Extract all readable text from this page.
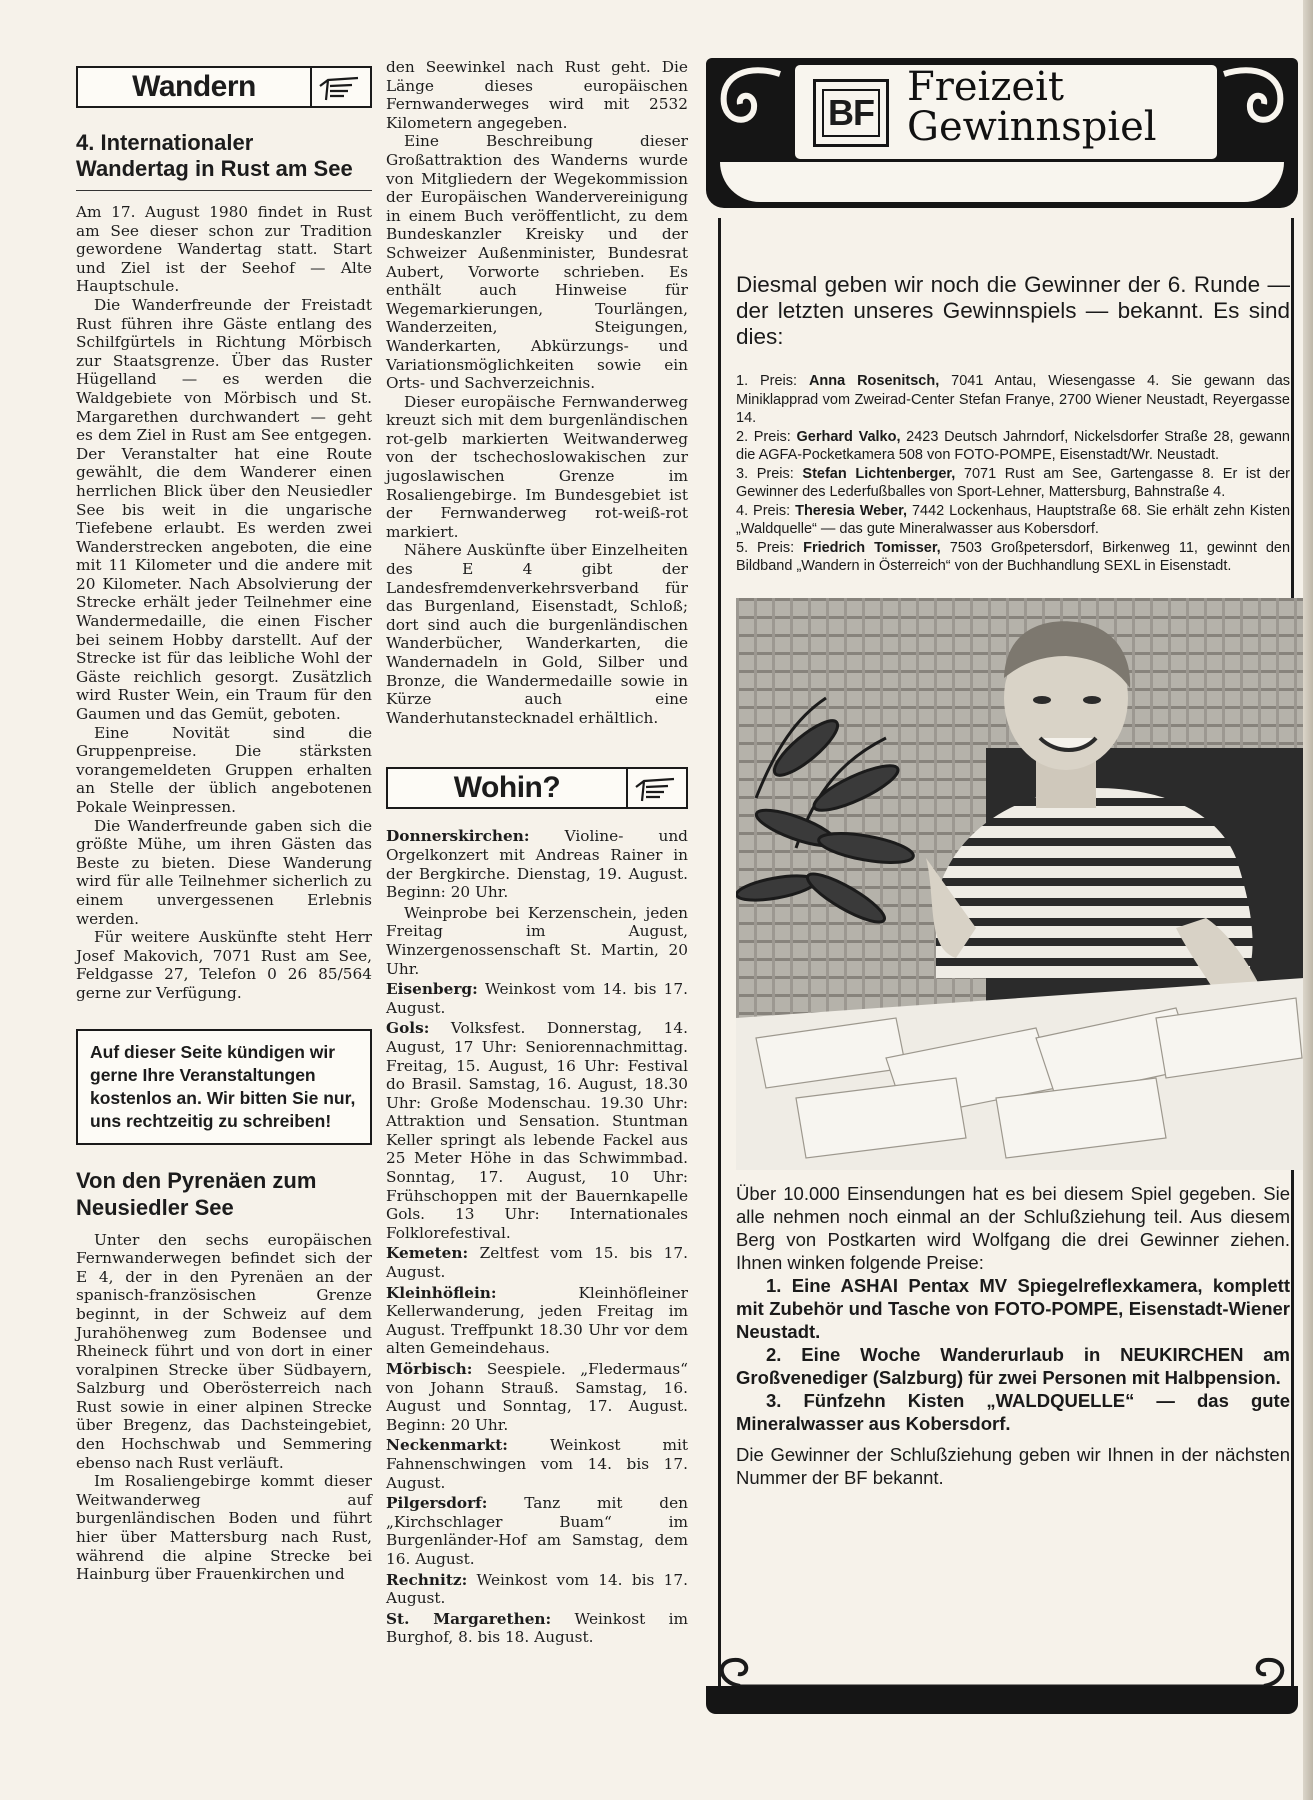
Wandern
4. Internationaler Wandertag in Rust am See

Am 17. August 1980 findet in Rust am See dieser schon zur Tradition gewordene Wandertag statt. Start und Ziel ist der Seehof — Alte Hauptschule.

Die Wanderfreunde der Freistadt Rust führen ihre Gäste entlang des Schilfgürtels in Richtung Mörbisch zur Staatsgrenze. Über das Ruster Hügelland — es werden die Waldgebiete von Mörbisch und St. Margarethen durchwandert — geht es dem Ziel in Rust am See entgegen. Der Veranstalter hat eine Route gewählt, die dem Wanderer einen herrlichen Blick über den Neusiedler See bis weit in die ungarische Tiefebene erlaubt. Es werden zwei Wanderstrecken angeboten, die eine mit 11 Kilometer und die andere mit 20 Kilometer. Nach Absolvierung der Strecke erhält jeder Teilnehmer eine Wandermedaille, die einen Fischer bei seinem Hobby darstellt. Auf der Strecke ist für das leibliche Wohl der Gäste reichlich gesorgt. Zusätzlich wird Ruster Wein, ein Traum für den Gaumen und das Gemüt, geboten.

Eine Novität sind die Gruppenpreise. Die stärksten vorangemeldeten Gruppen erhalten an Stelle der üblich angebotenen Pokale Weinpressen.

Die Wanderfreunde gaben sich die größte Mühe, um ihren Gästen das Beste zu bieten. Diese Wanderung wird für alle Teilnehmer sicherlich zu einem unvergessenen Erlebnis werden.

Für weitere Auskünfte steht Herr Josef Makovich, 7071 Rust am See, Feldgasse 27, Telefon 0 26 85/564 gerne zur Verfügung.

Auf dieser Seite kündigen wir gerne Ihre Veranstaltungen kostenlos an. Wir bitten Sie nur, uns rechtzeitig zu schreiben!
Von den Pyrenäen zum Neusiedler See

Unter den sechs europäischen Fernwanderwegen befindet sich der E 4, der in den Pyrenäen an der spanisch-französischen Grenze beginnt, in der Schweiz auf dem Jurahöhenweg zum Bodensee und Rheineck führt und von dort in einer voralpinen Strecke über Südbayern, Salzburg und Oberösterreich nach Rust sowie in einer alpinen Strecke über Bregenz, das Dachsteingebiet, den Hochschwab und Semmering ebenso nach Rust verläuft.

Im Rosaliengebirge kommt dieser Weitwanderweg auf burgenländischen Boden und führt hier über Mattersburg nach Rust, während die alpine Strecke bei Hainburg über Frauenkirchen und

den Seewinkel nach Rust geht. Die Länge dieses europäischen Fernwanderweges wird mit 2532 Kilometern angegeben.

Eine Beschreibung dieser Großattraktion des Wanderns wurde von Mitgliedern der Wegekommission der Europäischen Wandervereinigung in einem Buch veröffentlicht, zu dem Bundeskanzler Kreisky und der Schweizer Außenminister, Bundesrat Aubert, Vorworte schrieben. Es enthält auch Hinweise für Wegemarkierungen, Tourlängen, Wanderzeiten, Steigungen, Wanderkarten, Abkürzungs- und Variationsmöglichkeiten sowie ein Orts- und Sachverzeichnis.

Dieser europäische Fernwanderweg kreuzt sich mit dem burgenländischen rot-gelb markierten Weitwanderweg von der tschechoslowakischen zur jugoslawischen Grenze im Rosaliengebirge. Im Bundesgebiet ist der Fernwanderweg rot-weiß-rot markiert.

Nähere Auskünfte über Einzelheiten des E 4 gibt der Landesfremdenverkehrsverband für das Burgenland, Eisenstadt, Schloß; dort sind auch die burgenländischen Wanderbücher, Wanderkarten, die Wandernadeln in Gold, Silber und Bronze, die Wandermedaille sowie in Kürze auch eine Wanderhutanstecknadel erhältlich.

Wohin?

Donnerskirchen: Violine- und Orgelkonzert mit Andreas Rainer in der Bergkirche. Dienstag, 19. August. Beginn: 20 Uhr.

Weinprobe bei Kerzenschein, jeden Freitag im August, Winzergenossenschaft St. Martin, 20 Uhr.

Eisenberg: Weinkost vom 14. bis 17. August.

Gols: Volksfest. Donnerstag, 14. August, 17 Uhr: Seniorennachmittag. Freitag, 15. August, 16 Uhr: Festival do Brasil. Samstag, 16. August, 18.30 Uhr: Große Modenschau. 19.30 Uhr: Attraktion und Sensation. Stuntman Keller springt als lebende Fackel aus 25 Meter Höhe in das Schwimmbad. Sonntag, 17. August, 10 Uhr: Frühschoppen mit der Bauernkapelle Gols. 13 Uhr: Internationales Folklorefestival.

Kemeten: Zeltfest vom 15. bis 17. August.

Kleinhöflein:	Kleinhöfleiner Kellerwanderung, jeden Freitag im August. Treffpunkt 18.30 Uhr vor dem alten Gemeindehaus.

Mörbisch: Seespiele. „Fledermaus“ von Johann Strauß. Samstag, 16. August und Sonntag, 17. August. Beginn: 20 Uhr.

Neckenmarkt:	Weinkost mit Fahnenschwingen vom 14. bis 17. August.

Pilgersdorf: Tanz mit den „Kirchschlager Buam“ im Burgenländer-Hof am Samstag, dem 16. August.

Rechnitz: Weinkost vom 14. bis 17. August.

St. Margarethen: Weinkost im Burghof, 8. bis 18. August.

BF
Freizeit
Gewinnspiel
Diesmal geben wir noch die Gewinner der 6. Runde — der letzten unseres Gewinnspiels — bekannt. Es sind dies:

1. Preis: Anna Rosenitsch, 7041 Antau, Wiesengasse 4. Sie gewann das Miniklapprad vom Zweirad-Center Stefan Franye, 2700 Wiener Neustadt, Reyergasse 14.

2. Preis: Gerhard Valko, 2423 Deutsch Jahrndorf, Nickelsdorfer Straße 28, gewann die AGFA-Pocketkamera 508 von FOTO-POMPE, Eisenstadt/Wr. Neustadt.

3. Preis: Stefan Lichtenberger, 7071 Rust am See, Gartengasse 8. Er ist der Gewinner des Lederfußballes von Sport-Lehner, Mattersburg, Bahnstraße 4.

4. Preis: Theresia Weber, 7442 Lockenhaus, Hauptstraße 68. Sie erhält zehn Kisten „Waldquelle“ — das gute Mineralwasser aus Kobersdorf.

5. Preis: Friedrich Tomisser, 7503 Großpetersdorf, Birkenweg 11, gewinnt den Bildband „Wandern in Österreich“ von der Buchhandlung SEXL in Eisenstadt.

Über 10.000 Einsendungen hat es bei diesem Spiel gegeben. Sie alle nehmen noch einmal an der Schlußziehung teil. Aus diesem Berg von Postkarten wird Wolfgang die drei Gewinner ziehen. Ihnen winken folgende Preise:

1. Eine ASHAI Pentax MV Spiegelreflexkamera, komplett mit Zubehör und Tasche von FOTO-POMPE, Eisenstadt-Wiener Neustadt.

2. Eine Woche Wanderurlaub in NEUKIRCHEN am Großvenediger (Salzburg) für zwei Personen mit Halbpension.

3. Fünfzehn Kisten „WALDQUELLE“ — das gute Mineralwasser aus Kobersdorf.

Die Gewinner der Schlußziehung geben wir Ihnen in der nächsten Nummer der BF bekannt.
